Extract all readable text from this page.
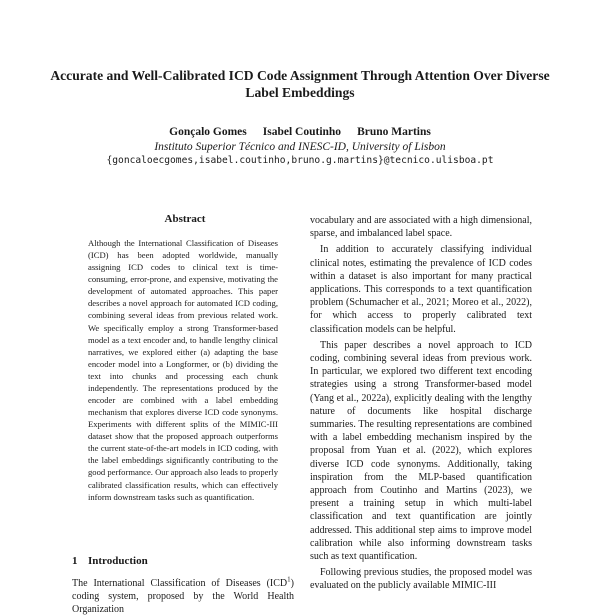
Accurate and Well-Calibrated ICD Code Assignment Through Attention Over Diverse Label Embeddings
Gonçalo Gomes Isabel Coutinho Bruno Martins
Instituto Superior Técnico and INESC-ID, University of Lisbon
{goncaloecgomes,isabel.coutinho,bruno.g.martins}@tecnico.ulisboa.pt
Abstract
Although the International Classification of Diseases (ICD) has been adopted worldwide, manually assigning ICD codes to clinical text is time-consuming, error-prone, and expensive, motivating the development of automated approaches. This paper describes a novel approach for automated ICD coding, combining several ideas from previous related work. We specifically employ a strong Transformer-based model as a text encoder and, to handle lengthy clinical narratives, we explored either (a) adapting the base encoder model into a Longformer, or (b) dividing the text into chunks and processing each chunk independently. The representations produced by the encoder are combined with a label embedding mechanism that explores diverse ICD code synonyms. Experiments with different splits of the MIMIC-III dataset show that the proposed approach outperforms the current state-of-the-art models in ICD coding, with the label embeddings significantly contributing to the good performance. Our approach also leads to properly calibrated classification results, which can effectively inform downstream tasks such as quantification.
1 Introduction
The International Classification of Diseases (ICD$^1$) coding system, proposed by the World Health Organization

vocabulary and are associated with a high dimensional, sparse, and imbalanced label space.

In addition to accurately classifying individual clinical notes, estimating the prevalence of ICD codes within a dataset is also important for many practical applications. This corresponds to a text quantification problem (Schumacher et al., 2021; Moreo et al., 2022), for which access to properly calibrated text classification models can be helpful.

This paper describes a novel approach to ICD coding, combining several ideas from previous work. In particular, we explored two different text encoding strategies using a strong Transformer-based model (Yang et al., 2022a), explicitly dealing with the lengthy nature of documents like hospital discharge summaries. The resulting representations are combined with a label embedding mechanism inspired by the proposal from Yuan et al. (2022), which explores diverse ICD code synonyms. Additionally, taking inspiration from the MLP-based quantification approach from Coutinho and Martins (2023), we present a training setup in which multi-label classification and text quantification are jointly addressed. This additional step aims to improve model calibration while also informing downstream tasks such as text quantification.

Following previous studies, the proposed model was evaluated on the publicly available MIMIC-III
